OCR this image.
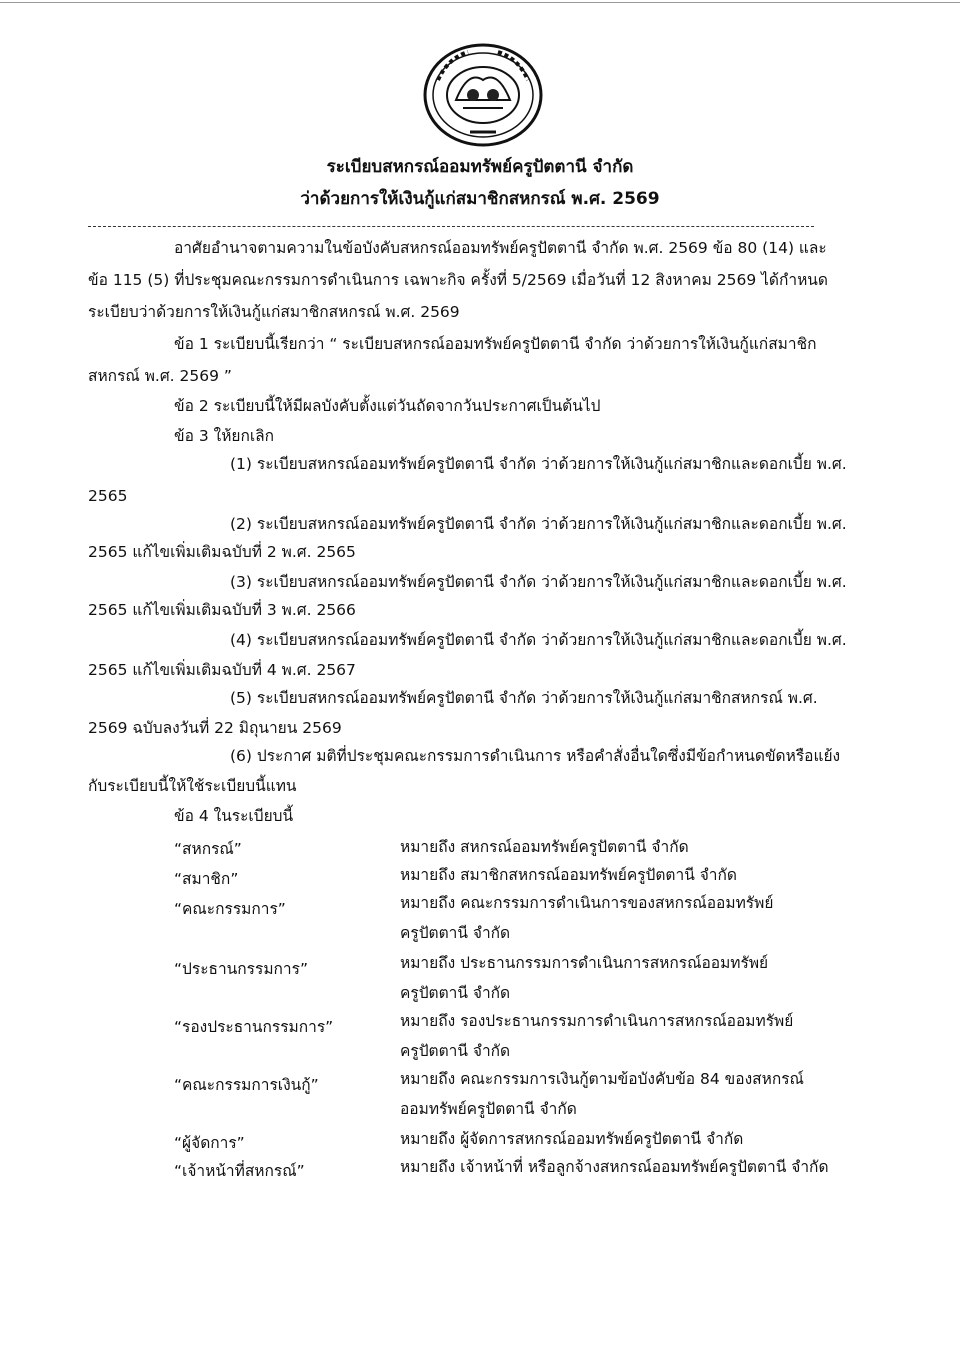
ระเบียบสหกรณ์ออมทรัพย์ครูปัตตานี จำกัด
ว่าด้วยการให้เงินกู้แก่สมาชิกสหกรณ์ พ.ศ. 2569
อาศัยอำนาจตามความในข้อบังคับสหกรณ์ออมทรัพย์ครูปัตตานี จำกัด พ.ศ. 2569 ข้อ 80 (14) และ
ข้อ 115 (5) ที่ประชุมคณะกรรมการดำเนินการ เฉพาะกิจ ครั้งที่ 5/2569 เมื่อวันที่ 12 สิงหาคม 2569 ได้กำหนด
ระเบียบว่าด้วยการให้เงินกู้แก่สมาชิกสหกรณ์ พ.ศ. 2569
ข้อ 1 ระเบียบนี้เรียกว่า “ ระเบียบสหกรณ์ออมทรัพย์ครูปัตตานี จำกัด ว่าด้วยการให้เงินกู้แก่สมาชิก
สหกรณ์ พ.ศ. 2569 ”
ข้อ 2 ระเบียบนี้ให้มีผลบังคับตั้งแต่วันถัดจากวันประกาศเป็นต้นไป
ข้อ 3 ให้ยกเลิก
(1) ระเบียบสหกรณ์ออมทรัพย์ครูปัตตานี จำกัด ว่าด้วยการให้เงินกู้แก่สมาชิกและดอกเบี้ย พ.ศ.
2565
(2) ระเบียบสหกรณ์ออมทรัพย์ครูปัตตานี จำกัด ว่าด้วยการให้เงินกู้แก่สมาชิกและดอกเบี้ย พ.ศ.
2565 แก้ไขเพิ่มเติมฉบับที่ 2 พ.ศ. 2565
(3) ระเบียบสหกรณ์ออมทรัพย์ครูปัตตานี จำกัด ว่าด้วยการให้เงินกู้แก่สมาชิกและดอกเบี้ย พ.ศ.
2565 แก้ไขเพิ่มเติมฉบับที่ 3 พ.ศ. 2566
(4) ระเบียบสหกรณ์ออมทรัพย์ครูปัตตานี จำกัด ว่าด้วยการให้เงินกู้แก่สมาชิกและดอกเบี้ย พ.ศ.
2565 แก้ไขเพิ่มเติมฉบับที่ 4 พ.ศ. 2567
(5) ระเบียบสหกรณ์ออมทรัพย์ครูปัตตานี จำกัด ว่าด้วยการให้เงินกู้แก่สมาชิกสหกรณ์ พ.ศ.
2569 ฉบับลงวันที่ 22 มิถุนายน 2569
(6) ประกาศ มติที่ประชุมคณะกรรมการดำเนินการ หรือคำสั่งอื่นใดซึ่งมีข้อกำหนดขัดหรือแย้ง
กับระเบียบนี้ให้ใช้ระเบียบนี้แทน
ข้อ 4 ในระเบียบนี้
“สหกรณ์”	หมายถึง สหกรณ์ออมทรัพย์ครูปัตตานี จำกัด
“สมาชิก”	หมายถึง สมาชิกสหกรณ์ออมทรัพย์ครูปัตตานี จำกัด
“คณะกรรมการ”	หมายถึง คณะกรรมการดำเนินการของสหกรณ์ออมทรัพย์
ครูปัตตานี จำกัด
“ประธานกรรมการ”	หมายถึง ประธานกรรมการดำเนินการสหกรณ์ออมทรัพย์
ครูปัตตานี จำกัด
“รองประธานกรรมการ”	หมายถึง รองประธานกรรมการดำเนินการสหกรณ์ออมทรัพย์
ครูปัตตานี จำกัด
“คณะกรรมการเงินกู้”	หมายถึง คณะกรรมการเงินกู้ตามข้อบังคับข้อ 84 ของสหกรณ์
ออมทรัพย์ครูปัตตานี จำกัด
“ผู้จัดการ”	หมายถึง ผู้จัดการสหกรณ์ออมทรัพย์ครูปัตตานี จำกัด
“เจ้าหน้าที่สหกรณ์”	หมายถึง เจ้าหน้าที่ หรือลูกจ้างสหกรณ์ออมทรัพย์ครูปัตตานี จำกัด
